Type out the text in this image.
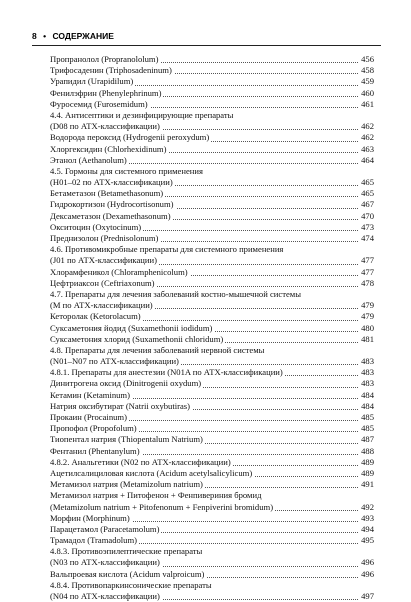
8 • СОДЕРЖАНИЕ
Пропранолол (Propranololum)	456
Трифосаденин (Triphosadeninum)	458
Урапидил (Urapidilum)	459
Фенилэфрин (Phenylephrinum)	460
Фуросемид (Furosemidum)	461
4.4. Антисептики и дезинфицирующие препараты
(D08 по АТХ-классификации)	462
Водорода пероксид (Hydrogenii peroxydum)	462
Хлоргексидин (Chlorhexidinum)	463
Этанол (Aethanolum)	464
4.5. Гормоны для системного применения
(H01–02 по АТХ-классификации)	465
Бетаметазон (Betamethasonum)	465
Гидрокортизон (Hydrocortisonum)	467
Дексаметазон (Dexamethasonum)	470
Окситоцин (Oxytocinum)	473
Преднизолон (Prednisolonum)	474
4.6. Противомикробные препараты для системного применения
(J01 по АТХ-классификации)	477
Хлорамфеникол (Chloramphenicolum)	477
Цефтриаксон (Ceftriaxonum)	478
4.7. Препараты для лечения заболеваний костно-мышечной системы
(M по АТХ-классификации)	479
Кеторолак (Ketorolacum)	479
Суксаметония йодид (Suxamethonii iodidum)	480
Суксаметония хлорид (Suxamethonii chloridum)	481
4.8. Препараты для лечения заболеваний нервной системы
(N01–N07 по АТХ-классификации)	483
4.8.1. Препараты для анестезии (N01A по АТХ-классификации)	483
Динитрогена оксид (Dinitrogenii oxydum)	483
Кетамин (Ketaminum)	484
Натрия оксибутират (Natrii oxybutiras)	484
Прокаин (Procainum)	485
Пропофол (Propofolum)	485
Тиопентал натрия (Thiopentalum Natrium)	487
Фентанил (Phentanylum)	488
4.8.2. Анальгетики (N02 по АТХ-классификации)	489
Ацетилсалициловая кислота (Acidum acetylsalicylicum)	489
Метамизол натрия (Metamizolum natrium)	491
Метамизол натрия + Питофенон + Фенпивериния бромид
(Metamizolum natrium + Pitofenonum + Fenpiverini bromidum)	492
Морфин (Morphinum)	493
Парацетамол (Paracetamolum)	494
Трамадол (Tramadolum)	495
4.8.3. Противоэпилептические препараты
(N03 по АТХ-классификации)	496
Вальпроевая кислота (Acidum valproicum)	496
4.8.4. Противопаркинсонические препараты
(N04 по АТХ-классификации)	497
